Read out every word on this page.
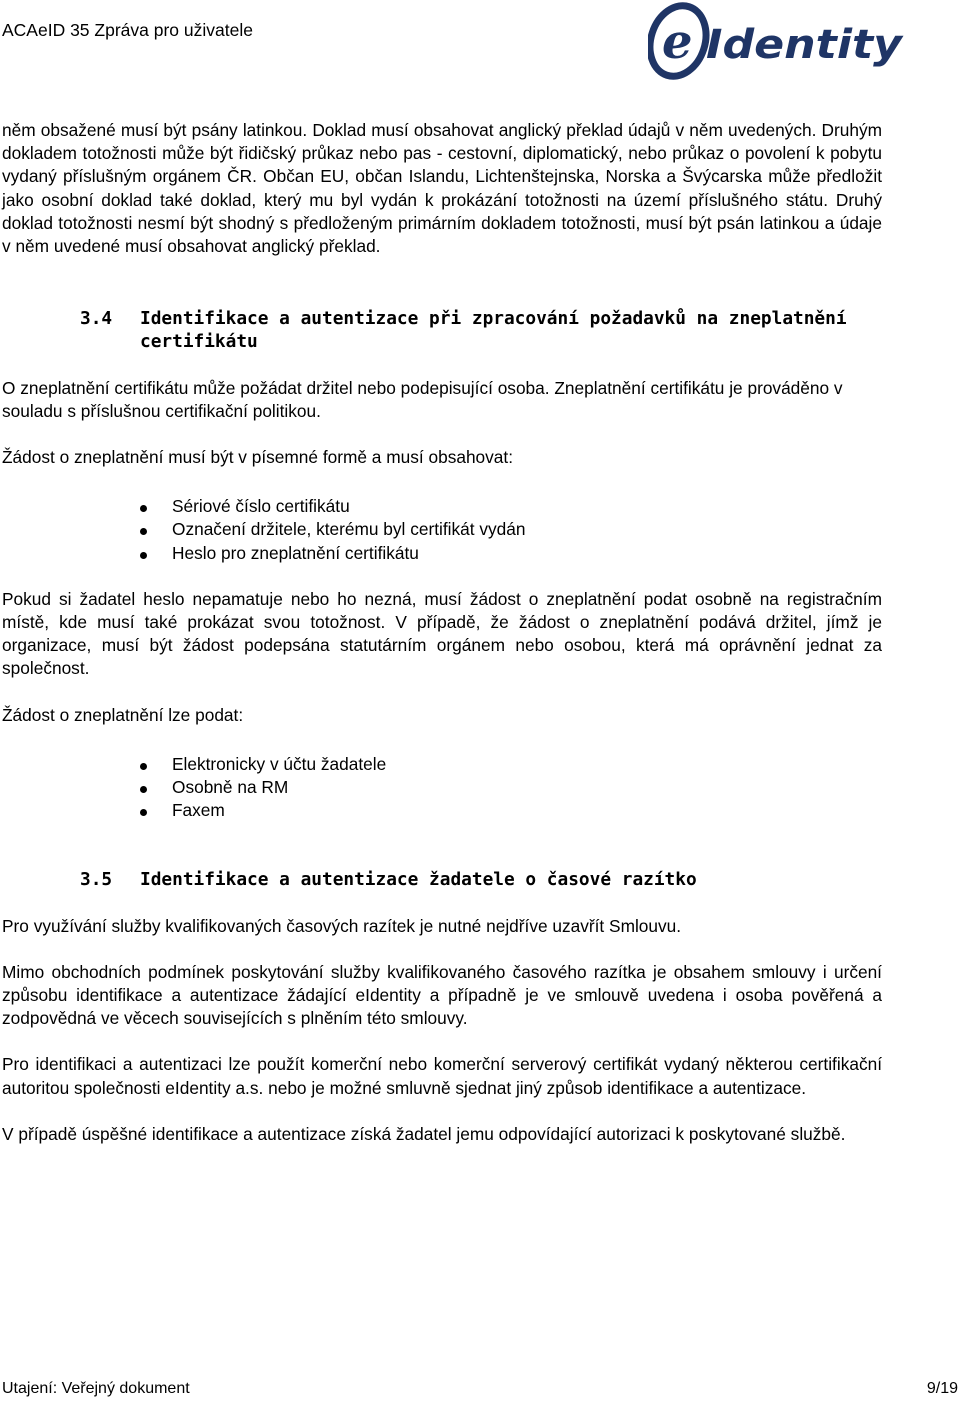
ACAeID 35 Zpráva pro uživatele	e Identity

něm obsažené musí být psány latinkou. Doklad musí obsahovat anglický překlad údajů v něm uvedených. Druhým dokladem totožnosti může být řidičský průkaz nebo pas - cestovní, diplomatický, nebo průkaz o povolení k pobytu vydaný příslušným orgánem ČR. Občan EU, občan Islandu, Lichtenštejnska, Norska a Švýcarska může předložit jako osobní doklad také doklad, který mu byl vydán k prokázání totožnosti na území příslušného státu. Druhý doklad totožnosti nesmí být shodný s předloženým primárním dokladem totožnosti, musí být psán latinkou a údaje v něm uvedené musí obsahovat anglický překlad.

3.4	Identifikace a autentizace při zpracování požadavků na zneplatnění certifikátu

O zneplatnění certifikátu může požádat držitel nebo podepisující osoba. Zneplatnění certifikátu je prováděno v souladu s příslušnou certifikační politikou.

Žádost o zneplatnění musí být v písemné formě a musí obsahovat:

Sériové číslo certifikátu
Označení držitele, kterému byl certifikát vydán
Heslo pro zneplatnění certifikátu

Pokud si žadatel heslo nepamatuje nebo ho nezná, musí žádost o zneplatnění podat osobně na registračním místě, kde musí také prokázat svou totožnost. V případě, že žádost o zneplatnění podává držitel, jímž je organizace, musí být žádost podepsána statutárním orgánem nebo osobou, která má oprávnění jednat za společnost.

Žádost o zneplatnění lze podat:

Elektronicky v účtu žadatele
Osobně na RM
Faxem
3.5	Identifikace a autentizace žadatele o časové razítko

Pro využívání služby kvalifikovaných časových razítek je nutné nejdříve uzavřít Smlouvu.

Mimo obchodních podmínek poskytování služby kvalifikovaného časového razítka je obsahem smlouvy i určení způsobu identifikace a autentizace žádající eIdentity a případně je ve smlouvě uvedena i osoba pověřená a zodpovědná ve věcech souvisejících s plněním této smlouvy.

Pro identifikaci a autentizaci lze použít komerční nebo komerční serverový certifikát vydaný některou certifikační autoritou společnosti eIdentity a.s. nebo je možné smluvně sjednat jiný způsob identifikace a autentizace.

V případě úspěšné identifikace a autentizace získá žadatel jemu odpovídající autorizaci k poskytované službě.

Utajení: Veřejný dokument	9/19
